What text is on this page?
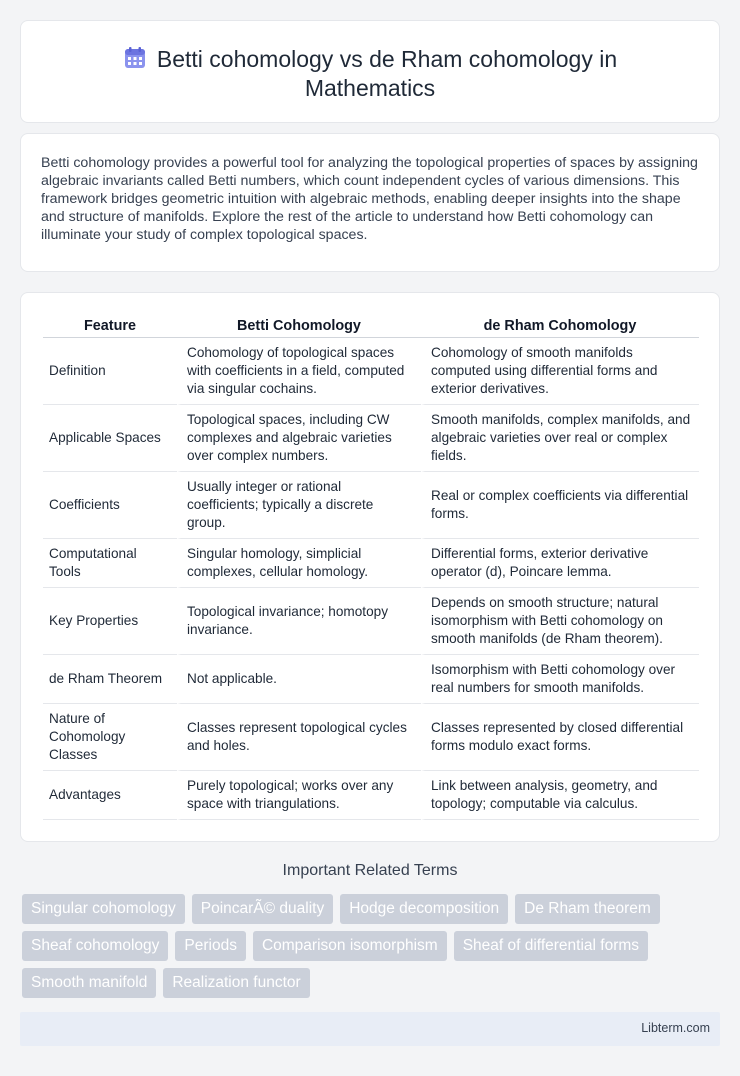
Betti cohomology vs de Rham cohomology in
Mathematics

Betti cohomology provides a powerful tool for analyzing the topological properties of spaces by assigning algebraic invariants called Betti numbers, which count independent cycles of various dimensions. This framework bridges geometric intuition with algebraic methods, enabling deeper insights into the shape and structure of manifolds. Explore the rest of the article to understand how Betti cohomology can illuminate your study of complex topological spaces.

Feature	Betti Cohomology	de Rham Cohomology
Definition	Cohomology of topological spaces with coefficients in a field, computed via singular cochains.	Cohomology of smooth manifolds computed using differential forms and exterior derivatives.
Applicable Spaces	Topological spaces, including CW complexes and algebraic varieties over complex numbers.	Smooth manifolds, complex manifolds, and algebraic varieties over real or complex fields.
Coefficients	Usually integer or rational coefficients; typically a discrete group.	Real or complex coefficients via differential forms.
Computational Tools	Singular homology, simplicial complexes, cellular homology.	Differential forms, exterior derivative operator (d), Poincare lemma.
Key Properties	Topological invariance; homotopy invariance.	Depends on smooth structure; natural isomorphism with Betti cohomology on smooth manifolds (de Rham theorem).
de Rham Theorem	Not applicable.	Isomorphism with Betti cohomology over real numbers for smooth manifolds.
Nature of Cohomology Classes	Classes represent topological cycles and holes.	Classes represented by closed differential forms modulo exact forms.
Advantages	Purely topological; works over any space with triangulations.	Link between analysis, geometry, and topology; computable via calculus.
Important Related Terms
Singular cohomology	PoincarÃ© duality	Hodge decomposition	De Rham theorem
Sheaf cohomology	Periods	Comparison isomorphism	Sheaf of differential forms
Smooth manifold	Realization functor
Libterm.com
